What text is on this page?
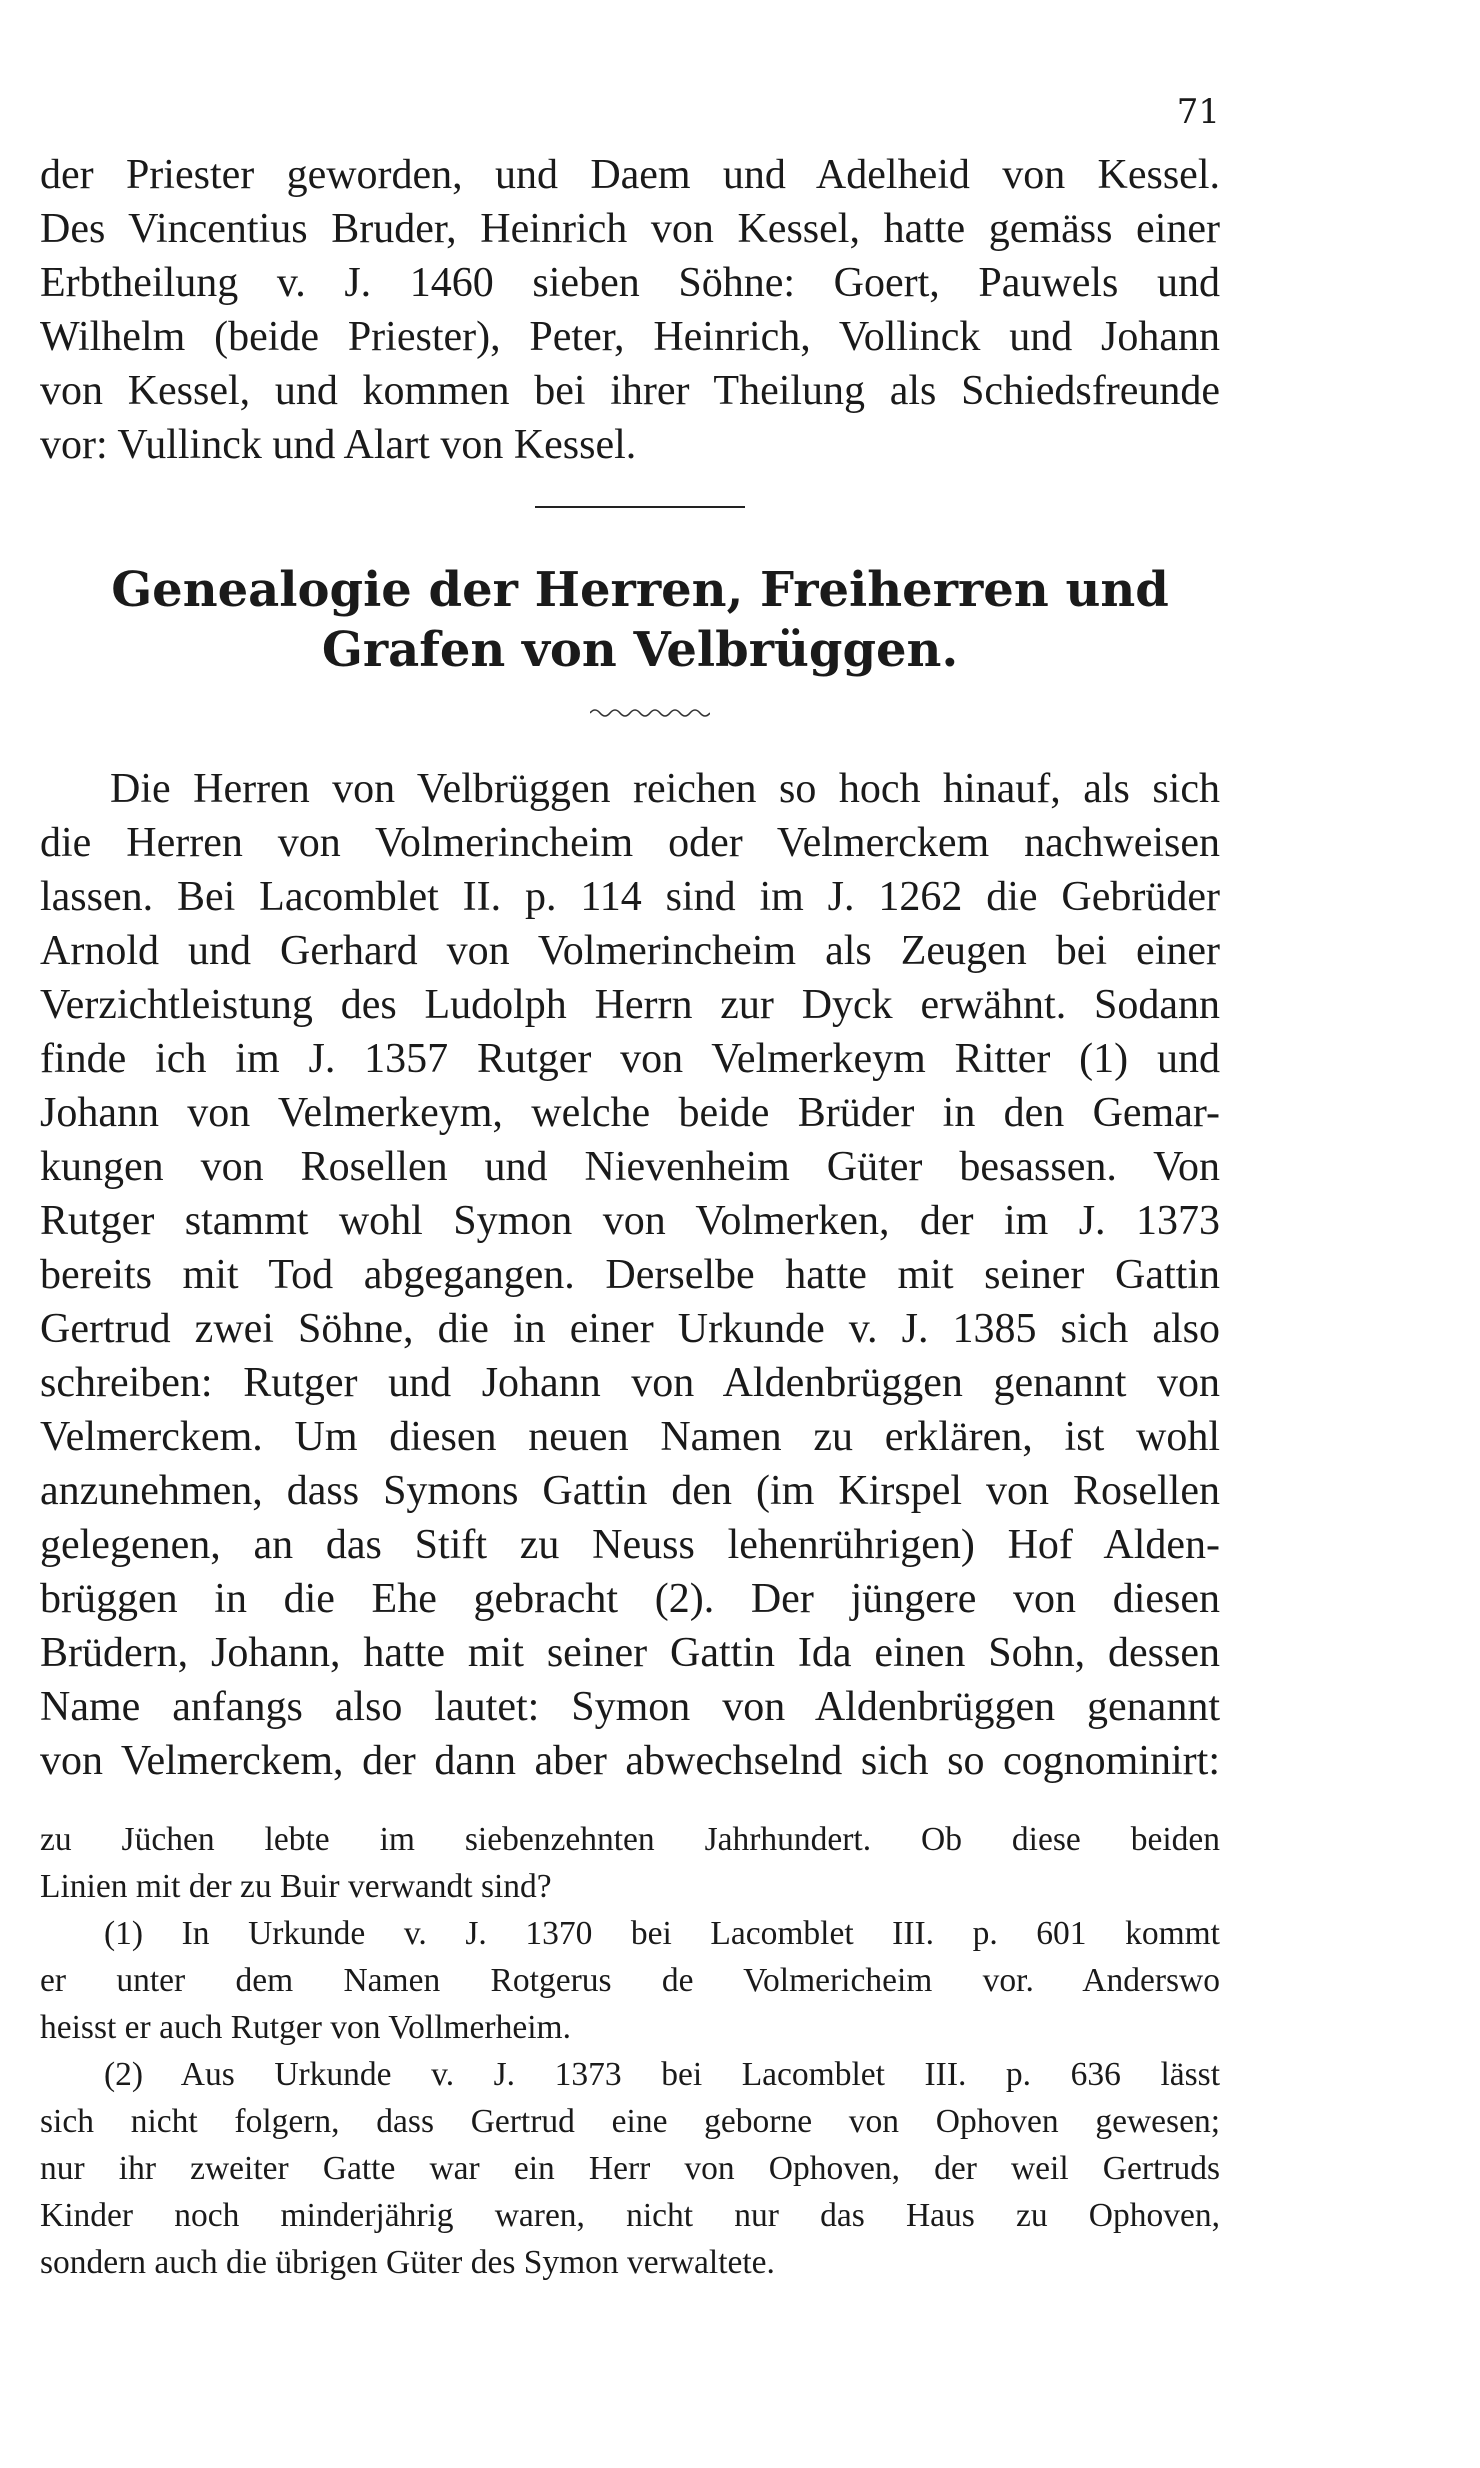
71
der Priester geworden, und Daem und Adelheid von Kessel.
Des Vincentius Bruder, Heinrich von Kessel, hatte gemäss einer
Erbtheilung v. J. 1460 sieben Söhne: Goert, Pauwels und
Wilhelm (beide Priester), Peter, Heinrich, Vollinck und Johann
von Kessel, und kommen bei ihrer Theilung als Schiedsfreunde
vor: Vullinck und Alart von Kessel.
Genealogie der Herren, Freiherren und
Grafen von Velbrüggen.
Die Herren von Velbrüggen reichen so hoch hinauf, als sich
die Herren von Volmerincheim oder Velmerckem nachweisen
lassen. Bei Lacomblet II. p. 114 sind im J. 1262 die Gebrüder
Arnold und Gerhard von Volmerincheim als Zeugen bei einer
Verzichtleistung des Ludolph Herrn zur Dyck erwähnt. Sodann
finde ich im J. 1357 Rutger von Velmerkeym Ritter (1) und
Johann von Velmerkeym, welche beide Brüder in den Gemar-
kungen von Rosellen und Nievenheim Güter besassen. Von
Rutger stammt wohl Symon von Volmerken, der im J. 1373
bereits mit Tod abgegangen. Derselbe hatte mit seiner Gattin
Gertrud zwei Söhne, die in einer Urkunde v. J. 1385 sich also
schreiben: Rutger und Johann von Aldenbrüggen genannt von
Velmerckem. Um diesen neuen Namen zu erklären, ist wohl
anzunehmen, dass Symons Gattin den (im Kirspel von Rosellen
gelegenen, an das Stift zu Neuss lehenrührigen) Hof Alden-
brüggen in die Ehe gebracht (2). Der jüngere von diesen
Brüdern, Johann, hatte mit seiner Gattin Ida einen Sohn, dessen
Name anfangs also lautet: Symon von Aldenbrüggen genannt
von Velmerckem, der dann aber abwechselnd sich so cognominirt:
zu Jüchen lebte im siebenzehnten Jahrhundert. Ob diese beiden
Linien mit der zu Buir verwandt sind?
(1) In Urkunde v. J. 1370 bei Lacomblet III. p. 601 kommt
er unter dem Namen Rotgerus de Volmericheim vor. Anderswo
heisst er auch Rutger von Vollmerheim.
(2) Aus Urkunde v. J. 1373 bei Lacomblet III. p. 636 lässt
sich nicht folgern, dass Gertrud eine geborne von Ophoven gewesen;
nur ihr zweiter Gatte war ein Herr von Ophoven, der weil Gertruds
Kinder noch minderjährig waren, nicht nur das Haus zu Ophoven,
sondern auch die übrigen Güter des Symon verwaltete.
